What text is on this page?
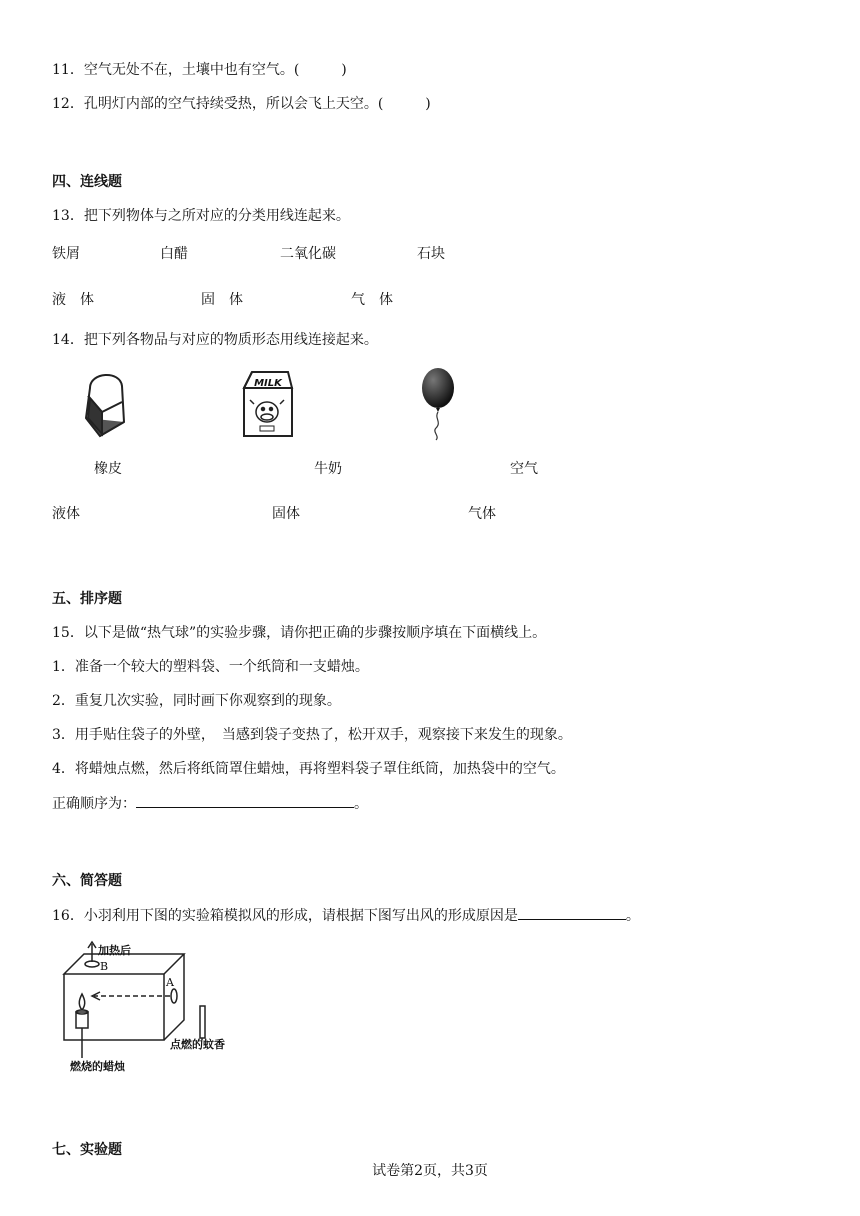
11．空气无处不在，土壤中也有空气。(　　　)
12．孔明灯内部的空气持续受热，所以会飞上天空。(　　　)
四、连线题
13．把下列物体与之所对应的分类用线连起来。
铁屑	白醋	二氧化碳	石块
液　体	固　体	气　体
14．把下列各物品与对应的物质形态用线连接起来。
MILK
橡皮	牛奶	空气
液体	固体	气体
五、排序题
15．以下是做“热气球”的实验步骤，请你把正确的步骤按顺序填在下面横线上。
1．准备一个较大的塑料袋、一个纸筒和一支蜡烛。
2．重复几次实验，同时画下你观察到的现象。
3．用手贴住袋子的外壁，　当感到袋子变热了，松开双手，观察接下来发生的现象。
4．将蜡烛点燃，然后将纸筒罩住蜡烛，再将塑料袋子罩住纸筒，加热袋中的空气。
正确顺序为：	。
六、简答题
16．小羽利用下图的实验箱模拟风的形成，请根据下图写出风的形成原因是	。
加热后
B
A
点燃的蚊香
燃烧的蜡烛
七、实验题
试卷第2页，共3页
